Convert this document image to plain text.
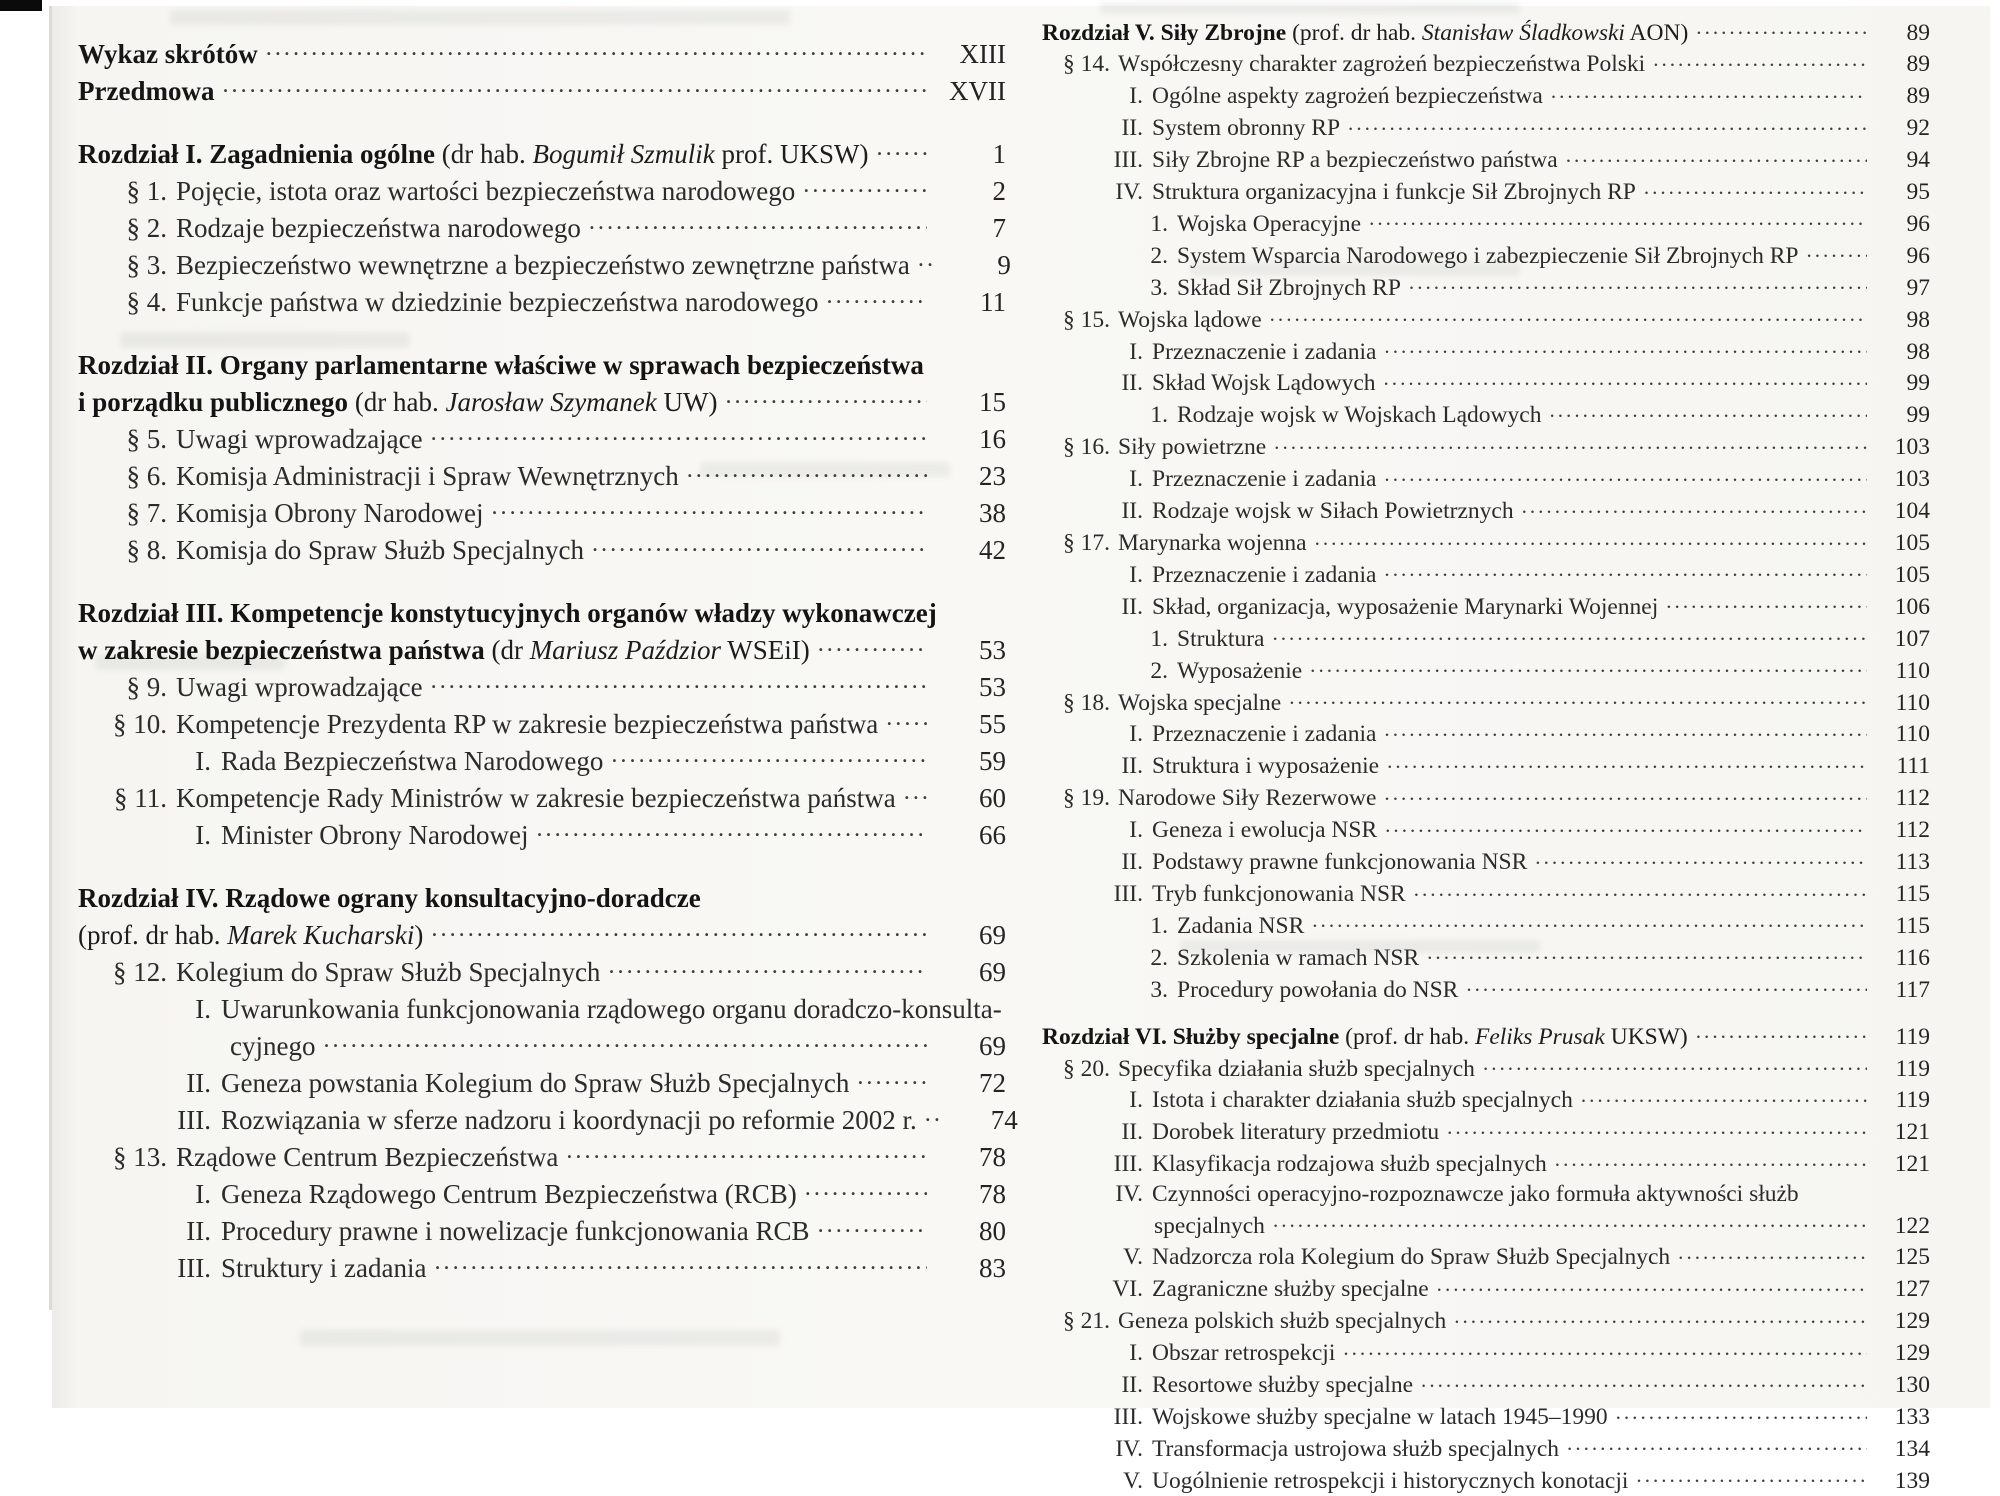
Wykaz skrótów .....	XIII
Przedmowa .....	XVII
Rozdział I. Zagadnienia ogólne (dr hab. Bogumił Szmulik prof. UKSW) .....	1
§ 1. Pojęcie, istota oraz wartości bezpieczeństwa narodowego .....	2
§ 2. Rodzaje bezpieczeństwa narodowego .....	7
§ 3. Bezpieczeństwo wewnętrzne a bezpieczeństwo zewnętrzne państwa .....	9
§ 4. Funkcje państwa w dziedzinie bezpieczeństwa narodowego .....	11
Rozdział II. Organy parlamentarne właściwe w sprawach bezpieczeństwa
i porządku publicznego (dr hab. Jarosław Szymanek UW) .....	15
§ 5. Uwagi wprowadzające .....	16
§ 6. Komisja Administracji i Spraw Wewnętrznych .....	23
§ 7. Komisja Obrony Narodowej .....	38
§ 8. Komisja do Spraw Służb Specjalnych .....	42
Rozdział III. Kompetencje konstytucyjnych organów władzy wykonawczej
w zakresie bezpieczeństwa państwa (dr Mariusz Paździor WSEiI) .....	53
§ 9. Uwagi wprowadzające .....	53
§ 10. Kompetencje Prezydenta RP w zakresie bezpieczeństwa państwa .....	55
I. Rada Bezpieczeństwa Narodowego .....	59
§ 11. Kompetencje Rady Ministrów w zakresie bezpieczeństwa państwa .....	60
I. Minister Obrony Narodowej .....	66
Rozdział IV. Rządowe ograny konsultacyjno-doradcze
(prof. dr hab. Marek Kucharski) .....	69
§ 12. Kolegium do Spraw Służb Specjalnych .....	69
I. Uwarunkowania funkcjonowania rządowego organu doradczo-konsulta-
cyjnego .....	69
II. Geneza powstania Kolegium do Spraw Służb Specjalnych .....	72
III. Rozwiązania w sferze nadzoru i koordynacji po reformie 2002 r. .....	74
§ 13. Rządowe Centrum Bezpieczeństwa .....	78
I. Geneza Rządowego Centrum Bezpieczeństwa (RCB) .....	78
II. Procedury prawne i nowelizacje funkcjonowania RCB .....	80
III. Struktury i zadania .....	83
Rozdział V. Siły Zbrojne (prof. dr hab. Stanisław Śladkowski AON) .....	89
§ 14. Współczesny charakter zagrożeń bezpieczeństwa Polski .....	89
I. Ogólne aspekty zagrożeń bezpieczeństwa .....	89
II. System obronny RP .....	92
III. Siły Zbrojne RP a bezpieczeństwo państwa .....	94
IV. Struktura organizacyjna i funkcje Sił Zbrojnych RP .....	95
1. Wojska Operacyjne .....	96
2. System Wsparcia Narodowego i zabezpieczenie Sił Zbrojnych RP .....	96
3. Skład Sił Zbrojnych RP .....	97
§ 15. Wojska lądowe .....	98
I. Przeznaczenie i zadania .....	98
II. Skład Wojsk Lądowych .....	99
1. Rodzaje wojsk w Wojskach Lądowych .....	99
§ 16. Siły powietrzne .....	103
I. Przeznaczenie i zadania .....	103
II. Rodzaje wojsk w Siłach Powietrznych .....	104
§ 17. Marynarka wojenna .....	105
I. Przeznaczenie i zadania .....	105
II. Skład, organizacja, wyposażenie Marynarki Wojennej .....	106
1. Struktura .....	107
2. Wyposażenie .....	110
§ 18. Wojska specjalne .....	110
I. Przeznaczenie i zadania .....	110
II. Struktura i wyposażenie .....	111
§ 19. Narodowe Siły Rezerwowe .....	112
I. Geneza i ewolucja NSR .....	112
II. Podstawy prawne funkcjonowania NSR .....	113
III. Tryb funkcjonowania NSR .....	115
1. Zadania NSR .....	115
2. Szkolenia w ramach NSR .....	116
3. Procedury powołania do NSR .....	117
Rozdział VI. Służby specjalne (prof. dr hab. Feliks Prusak UKSW) .....	119
§ 20. Specyfika działania służb specjalnych .....	119
I. Istota i charakter działania służb specjalnych .....	119
II. Dorobek literatury przedmiotu .....	121
III. Klasyfikacja rodzajowa służb specjalnych .....	121
IV. Czynności operacyjno-rozpoznawcze jako formuła aktywności służb
specjalnych .....	122
V. Nadzorcza rola Kolegium do Spraw Służb Specjalnych .....	125
VI. Zagraniczne służby specjalne .....	127
§ 21. Geneza polskich służb specjalnych .....	129
I. Obszar retrospekcji .....	129
II. Resortowe służby specjalne .....	130
III. Wojskowe służby specjalne w latach 1945–1990 .....	133
IV. Transformacja ustrojowa służb specjalnych .....	134
V. Uogólnienie retrospekcji i historycznych konotacji .....	139
